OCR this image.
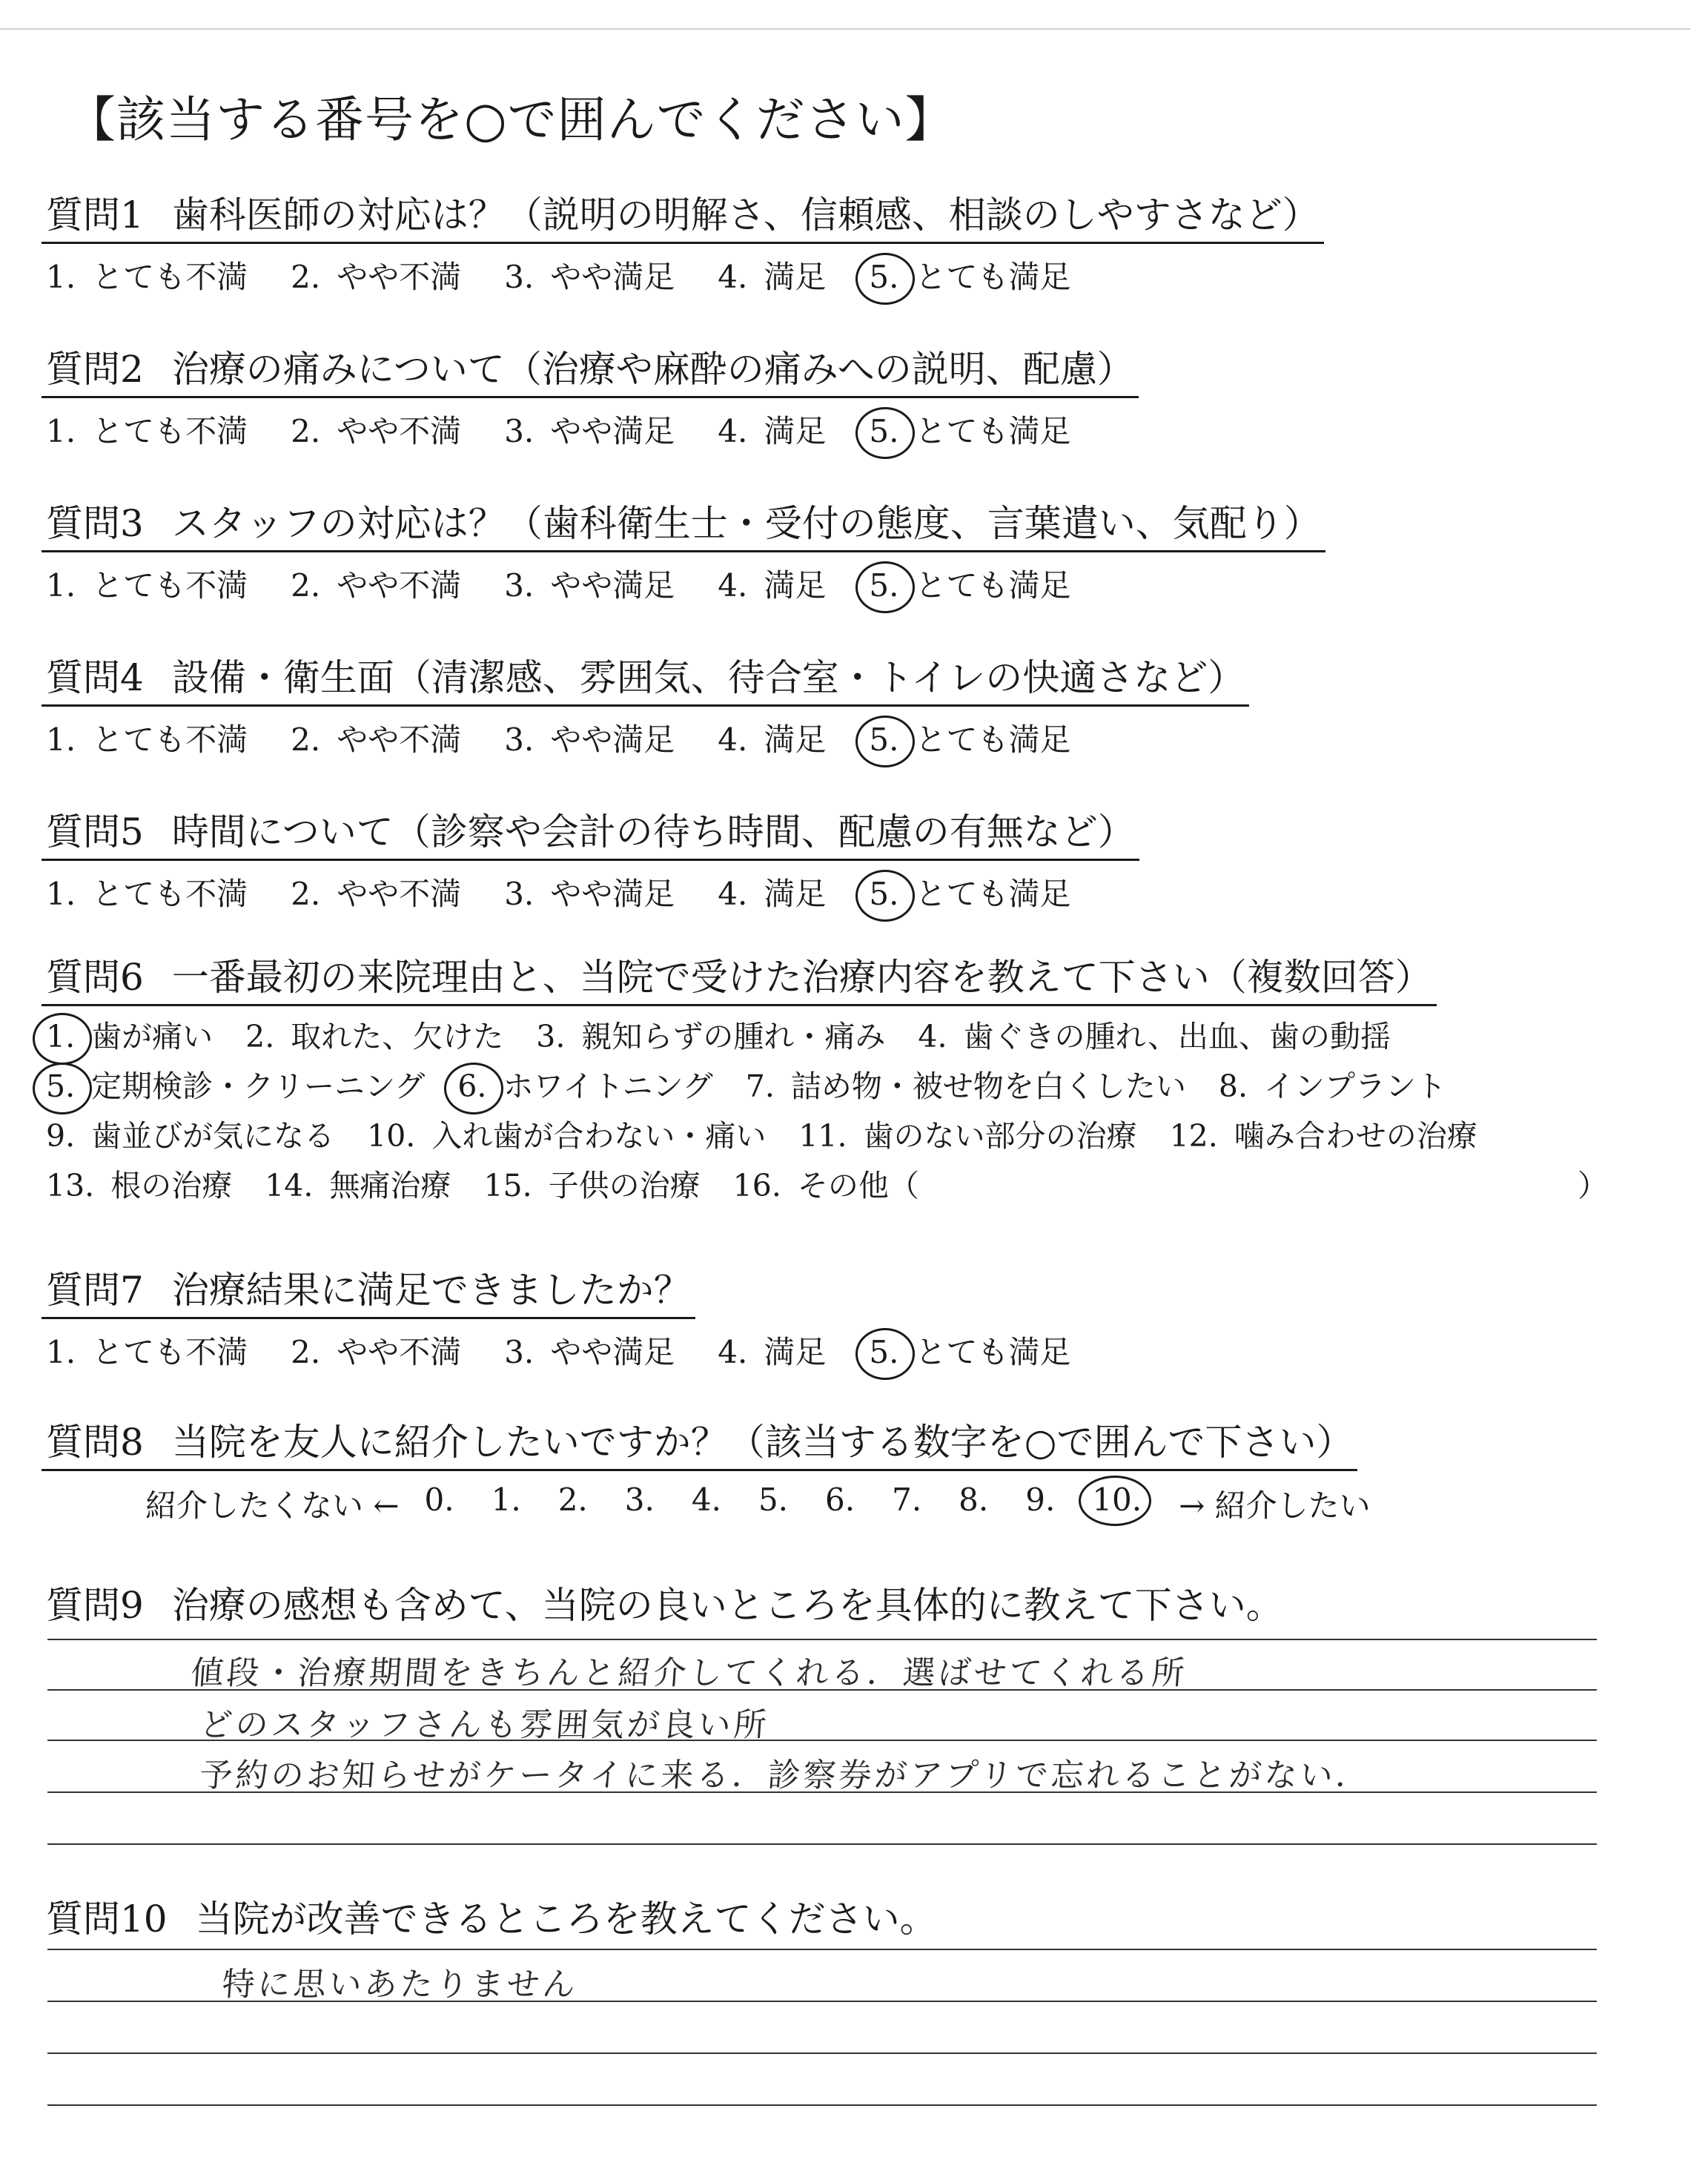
【該当する番号を○で囲んでください】
質問1 歯科医師の対応は？（説明の明解さ、信頼感、相談のしやすさなど）
1. とても不満 2. やや不満 3. やや満足 4. 満足 5. とても満足
質問2 治療の痛みについて（治療や麻酔の痛みへの説明、配慮）
1. とても不満 2. やや不満 3. やや満足 4. 満足 5. とても満足
質問3 スタッフの対応は？（歯科衛生士・受付の態度、言葉遣い、気配り）
1. とても不満 2. やや不満 3. やや満足 4. 満足 5. とても満足
質問4 設備・衛生面（清潔感、雰囲気、待合室・トイレの快適さなど）
1. とても不満 2. やや不満 3. やや満足 4. 満足 5. とても満足
質問5 時間について（診察や会計の待ち時間、配慮の有無など）
1. とても不満 2. やや不満 3. やや満足 4. 満足 5. とても満足
質問6 一番最初の来院理由と、当院で受けた治療内容を教えて下さい（複数回答）
1. 歯が痛い 2. 取れた、欠けた 3. 親知らずの腫れ・痛み 4. 歯ぐきの腫れ、出血、歯の動揺
5. 定期検診・クリーニング 6. ホワイトニング 7. 詰め物・被せ物を白くしたい 8. インプラント
9. 歯並びが気になる 10. 入れ歯が合わない・痛い 11. 歯のない部分の治療 12. 噛み合わせの治療
13. 根の治療 14. 無痛治療 15. 子供の治療 16. その他（	）
質問7 治療結果に満足できましたか？
1. とても不満 2. やや不満 3. やや満足 4. 満足 5. とても満足
質問8 当院を友人に紹介したいですか？（該当する数字を○で囲んで下さい）
紹介したくない ← 0. 1. 2. 3. 4. 5. 6. 7. 8. 9. 10. → 紹介したい
質問9 治療の感想も含めて、当院の良いところを具体的に教えて下さい。
値段・治療期間をきちんと紹介してくれる．選ばせてくれる所
どのスタッフさんも雰囲気が良い所
予約のお知らせがケータイに来る．診察券がアプリで忘れることがない．
質問10 当院が改善できるところを教えてください。
特に思いあたりません
